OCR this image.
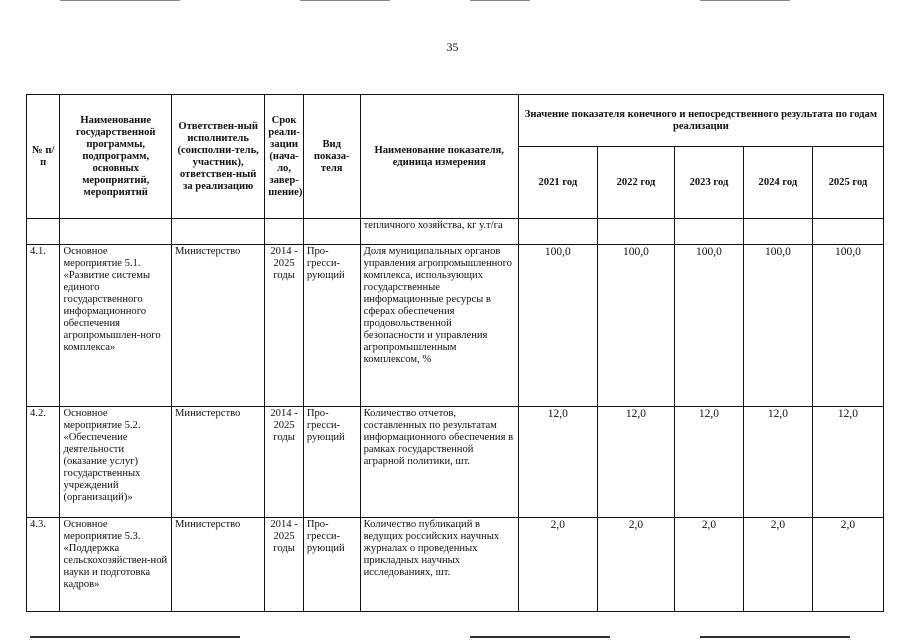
35
№ п/п	Наименование государственной программы, подпрограмм, основных мероприятий, мероприятий	Ответствен-ный исполнитель (соисполни-тель, участник), ответствен-ный за реализацию	Срок реали-зации (нача-ло, завер-шение)	Вид показа-теля	Наименование показателя, единица измерения	Значение показателя конечного и непосредственного результата по годам реализации				
						2021 год	2022 год	2023 год	2024 год	2025 год
					тепличного хозяйства, кг у.т/га					
4.1.	Основное мероприятие 5.1. «Развитие системы единого государственного информационного обеспечения агропромышлен-ного комплекса»	Министерство	2014 - 2025 годы	Про-гресси-рующий	Доля муниципальных органов управления агропромышленного комплекса, использующих государственные информационные ресурсы в сферах обеспечения продовольственной безопасности и управления агропромышленным комплексом, %	100,0	100,0	100,0	100,0	100,0
4.2.	Основное мероприятие 5.2. «Обеспечение деятельности (оказание услуг) государственных учреждений (организаций)»	Министерство	2014 - 2025 годы	Про-гресси-рующий	Количество отчетов, составленных по результатам информационного обеспечения в рамках государственной аграрной политики, шт.	12,0	12,0	12,0	12,0	12,0
4.3.	Основное мероприятие 5.3. «Поддержка сельскохозяйствен-ной науки и подготовка кадров»	Министерство	2014 - 2025 годы	Про-гресси-рующий	Количество публикаций в ведущих российских научных журналах о проведенных прикладных научных исследованиях, шт.	2,0	2,0	2,0	2,0	2,0
